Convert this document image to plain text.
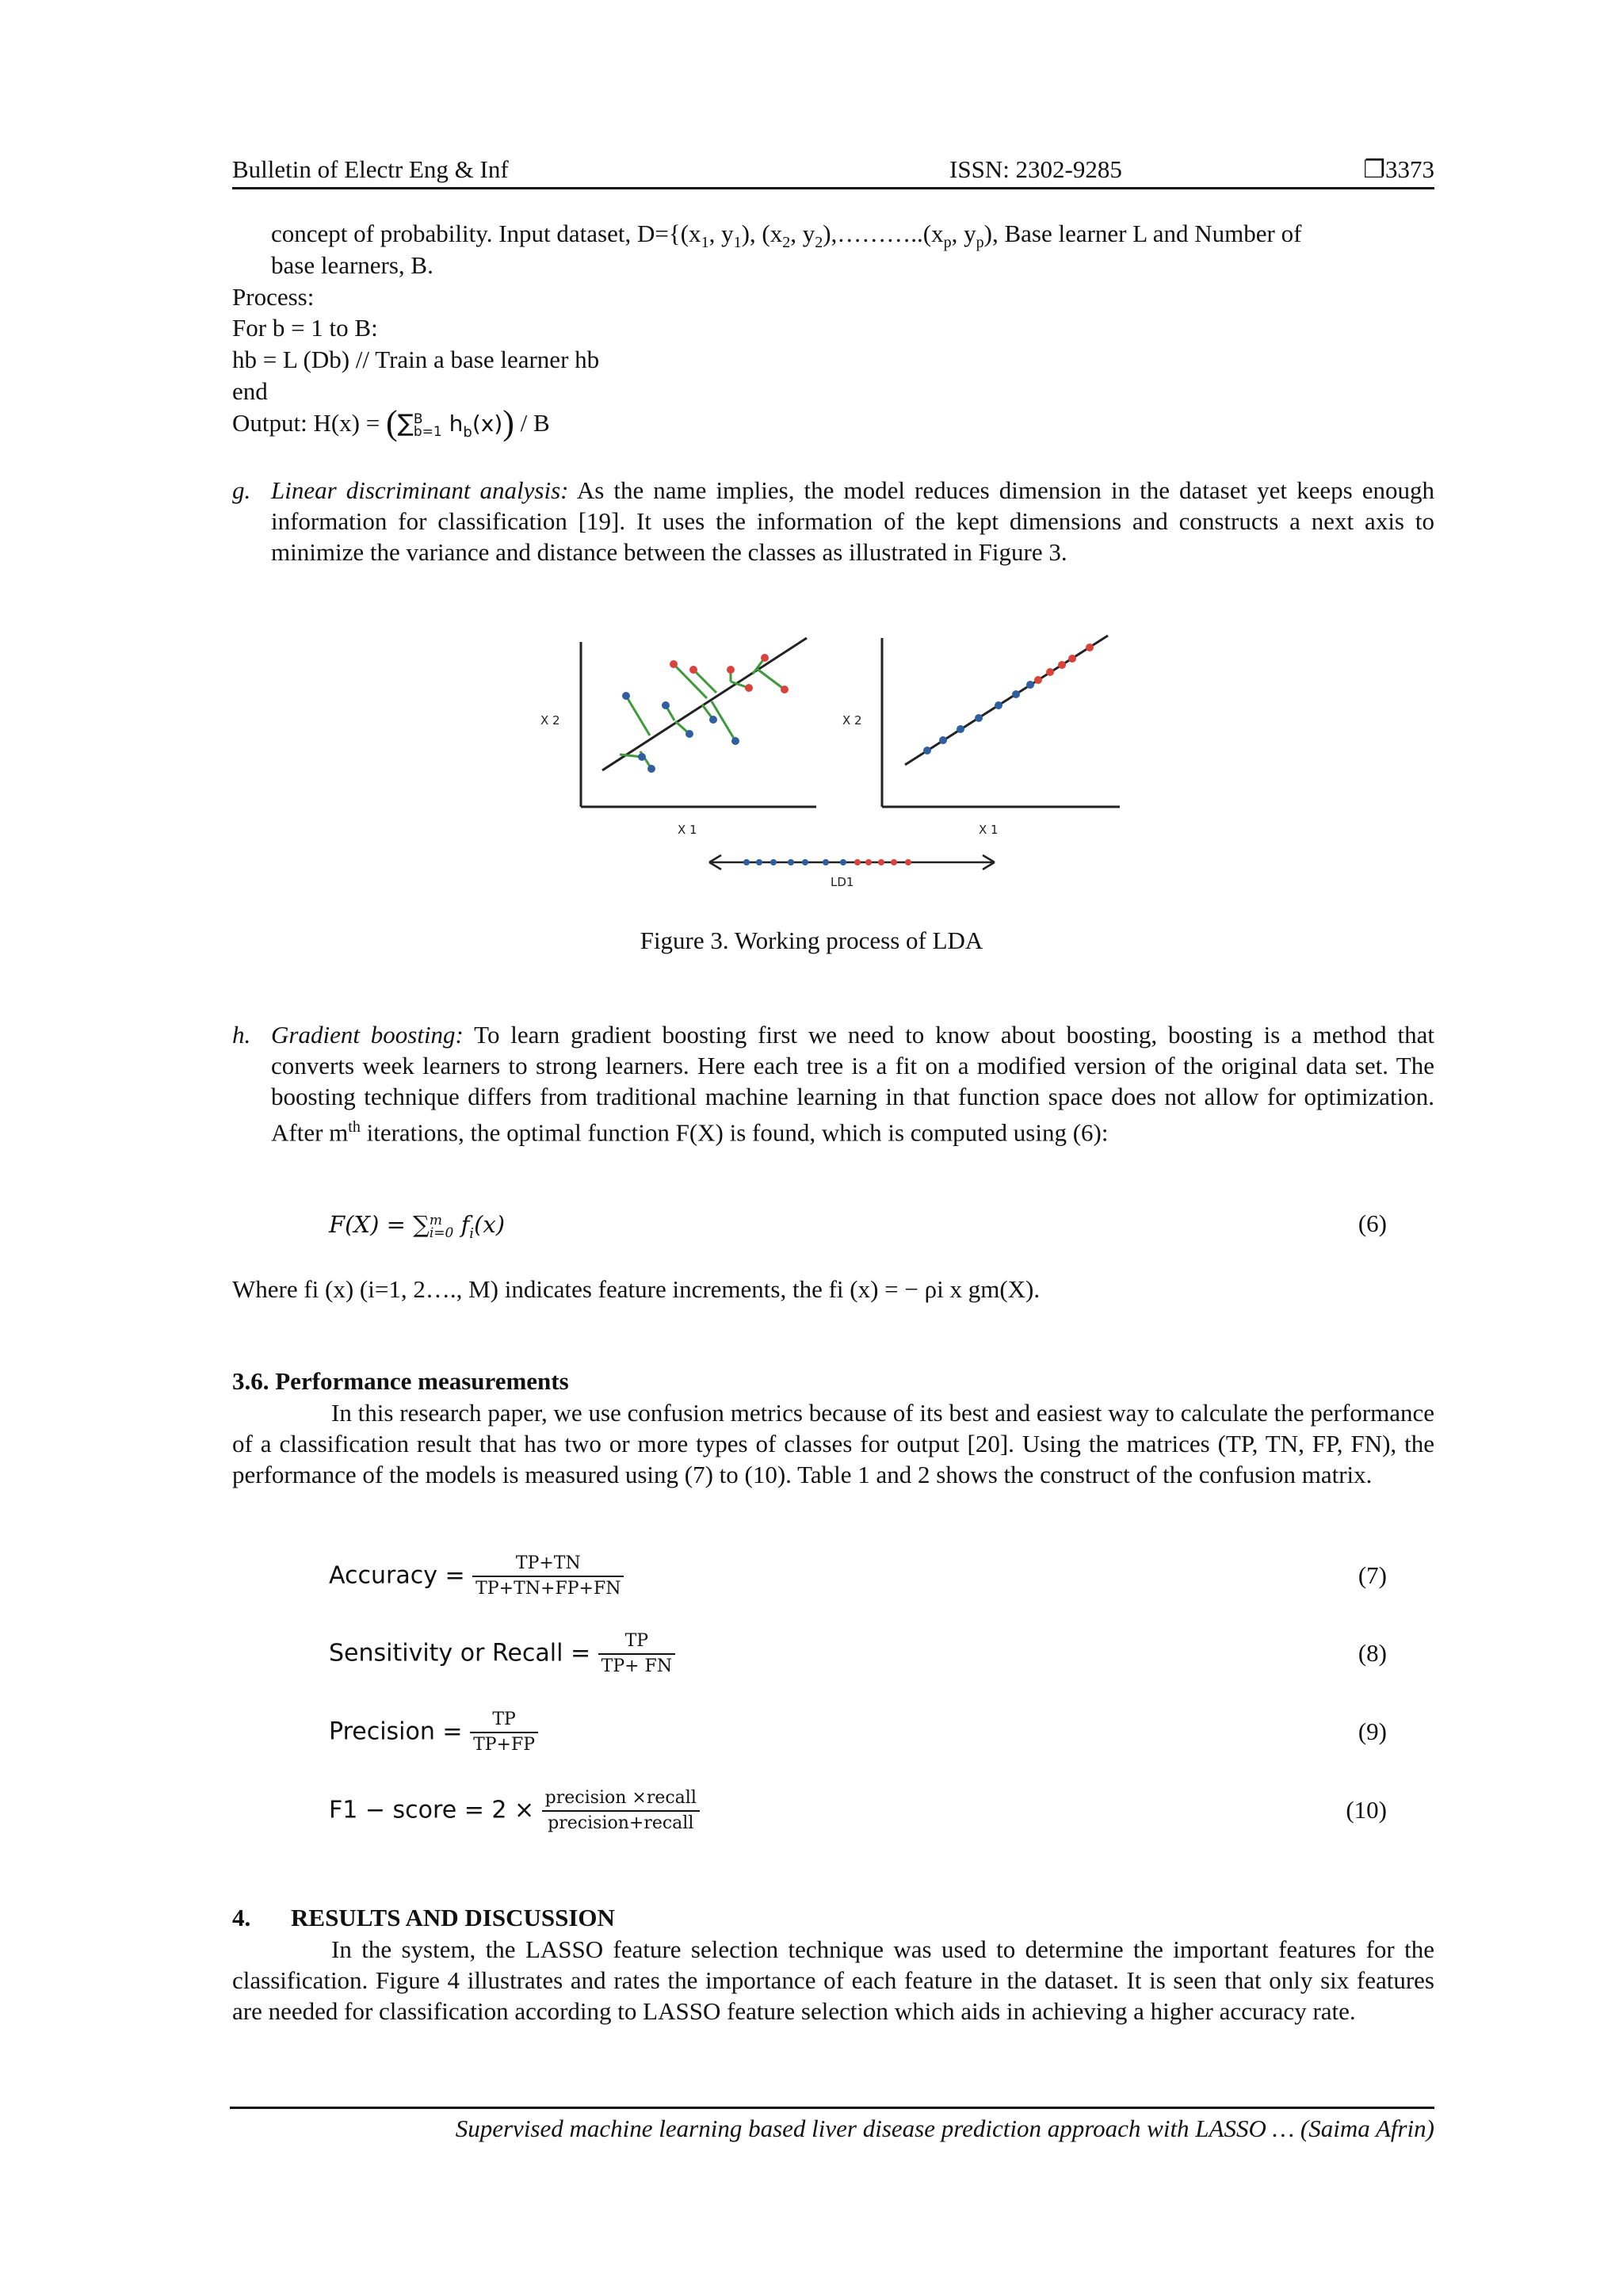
Bulletin of Electr Eng & Inf	ISSN: 2302-9285	❐3373
concept of probability. Input dataset, $D=\{(x_1$, $y_1$), ($x_2$, $y_2),\dots\dots\dots..(x_p$, $y_p$), Base learner L and Number of
base learners, B.
Process:
For b = 1 to B:
hb = L (Db) // Train a base learner hb
end
Output: H(x) = (∑ B
b=1 $h_b(x)$) / B
g. Linear discriminant analysis: As the name implies, the model reduces dimension in the dataset yet keeps enough information for classification [19]. It uses the information of the kept dimensions and constructs a next axis to minimize the variance and distance between the classes as illustrated in Figure 3.
X 2
X 1
X 2
X 1
LD1
Figure 3. Working process of LDA
h. Gradient boosting: To learn gradient boosting first we need to know about boosting, boosting is a method that converts week learners to strong learners. Here each tree is a fit on a modified version of the original data set. The boosting technique differs from traditional machine learning in that function space does not allow for optimization. After $m^{th}$ iterations, the optimal function F(X) is found, which is computed using (6):
F(X) = ∑ m
i=0 $f_i(x)$	(6)
Where fi (x) (i=1, 2…., M) indicates feature increments, the fi (x) = − ρi x gm(X).
3.6. Performance measurements
In this research paper, we use confusion metrics because of its best and easiest way to calculate the performance of a classification result that has two or more types of classes for output [20]. Using the matrices (TP, TN, FP, FN), the performance of the models is measured using (7) to (10). Table 1 and 2 shows the construct of the confusion matrix.
Accuracy = $\frac{TP+TN}{TP+TN+FP+FN}$	(7)
Sensitivity or Recall = $\frac{TP}{TP+ FN}$	(8)
Precision = $\frac{TP}{TP+FP}$	(9)
F1 − score = $2 \times \frac{\text{precision ×recall}}{\text{precision+recall}}$	(10)
4. RESULTS AND DISCUSSION
In the system, the LASSO feature selection technique was used to determine the important features for the classification. Figure 4 illustrates and rates the importance of each feature in the dataset. It is seen that only six features are needed for classification according to LASSO feature selection which aids in achieving a higher accuracy rate.
Supervised machine learning based liver disease prediction approach with LASSO … (Saima Afrin)
